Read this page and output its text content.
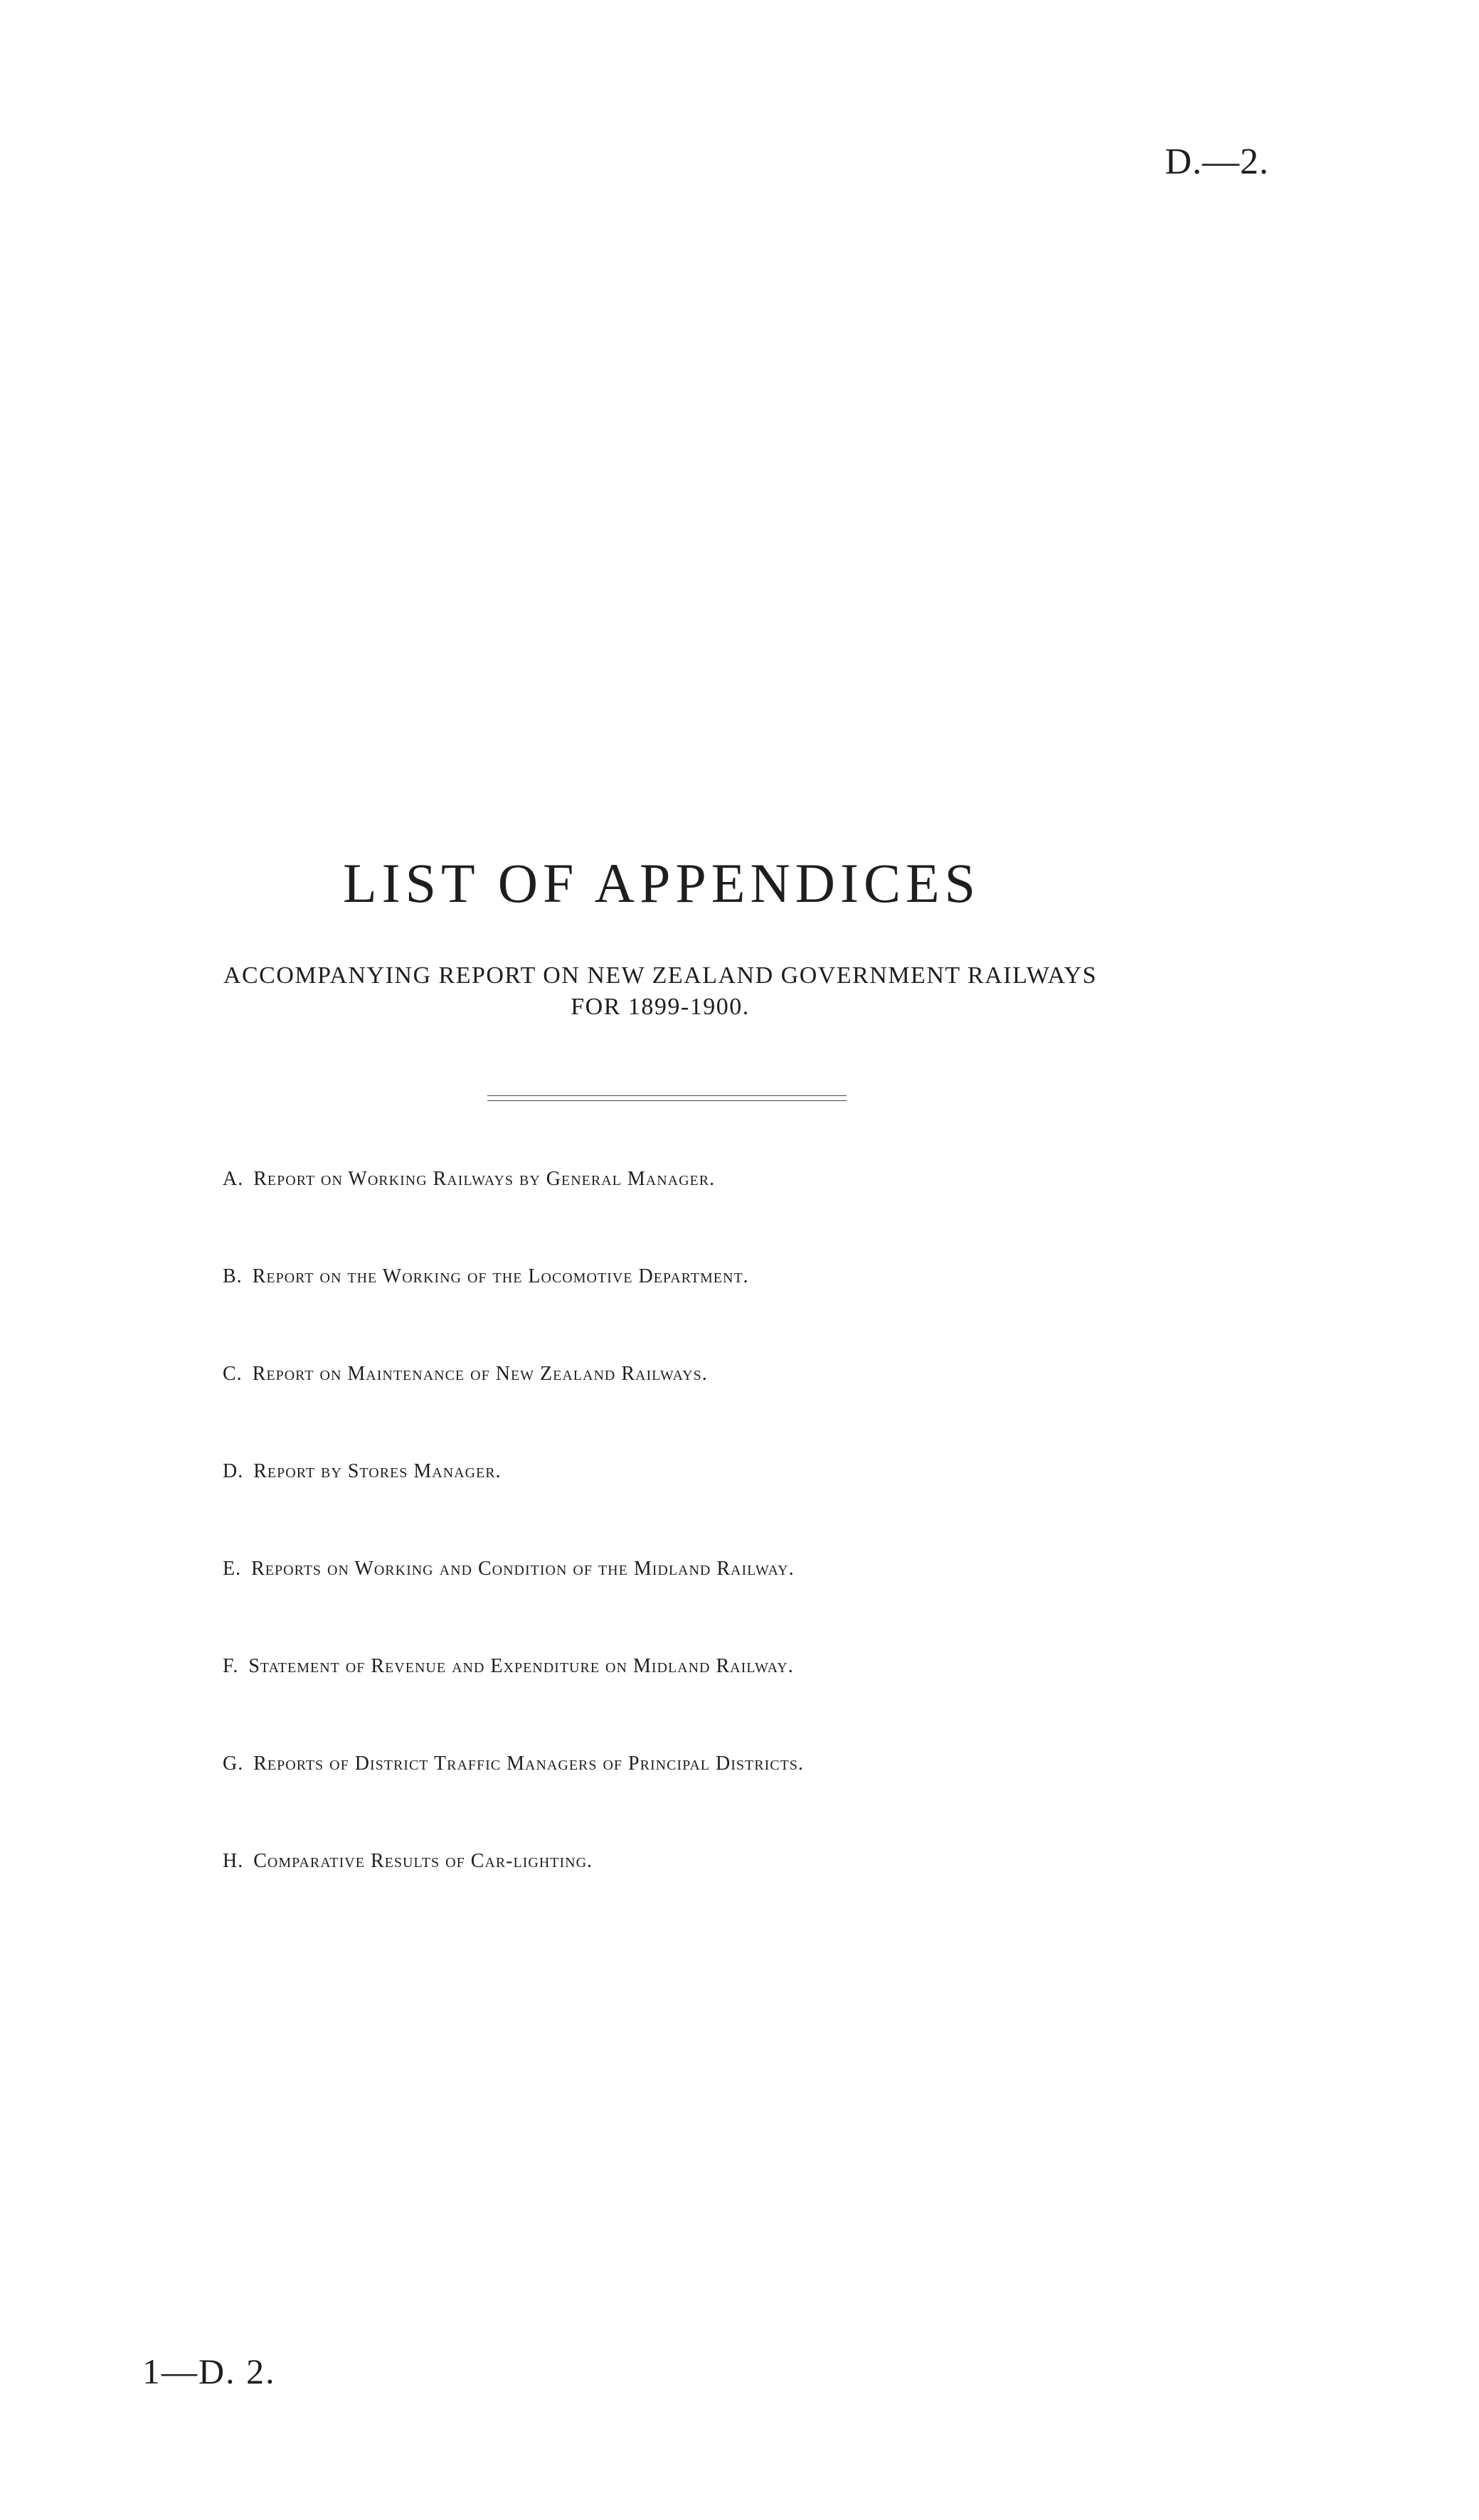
D.—2.
LIST OF APPENDICES
ACCOMPANYING REPORT ON NEW ZEALAND GOVERNMENT RAILWAYS
FOR 1899-1900.
A. Report on Working Railways by General Manager.
B. Report on the Working of the Locomotive Department.
C. Report on Maintenance of New Zealand Railways.
D. Report by Stores Manager.
E. Reports on Working and Condition of the Midland Railway.
F. Statement of Revenue and Expenditure on Midland Railway.
G. Reports of District Traffic Managers of Principal Districts.
H. Comparative Results of Car-lighting.
1—D. 2.
